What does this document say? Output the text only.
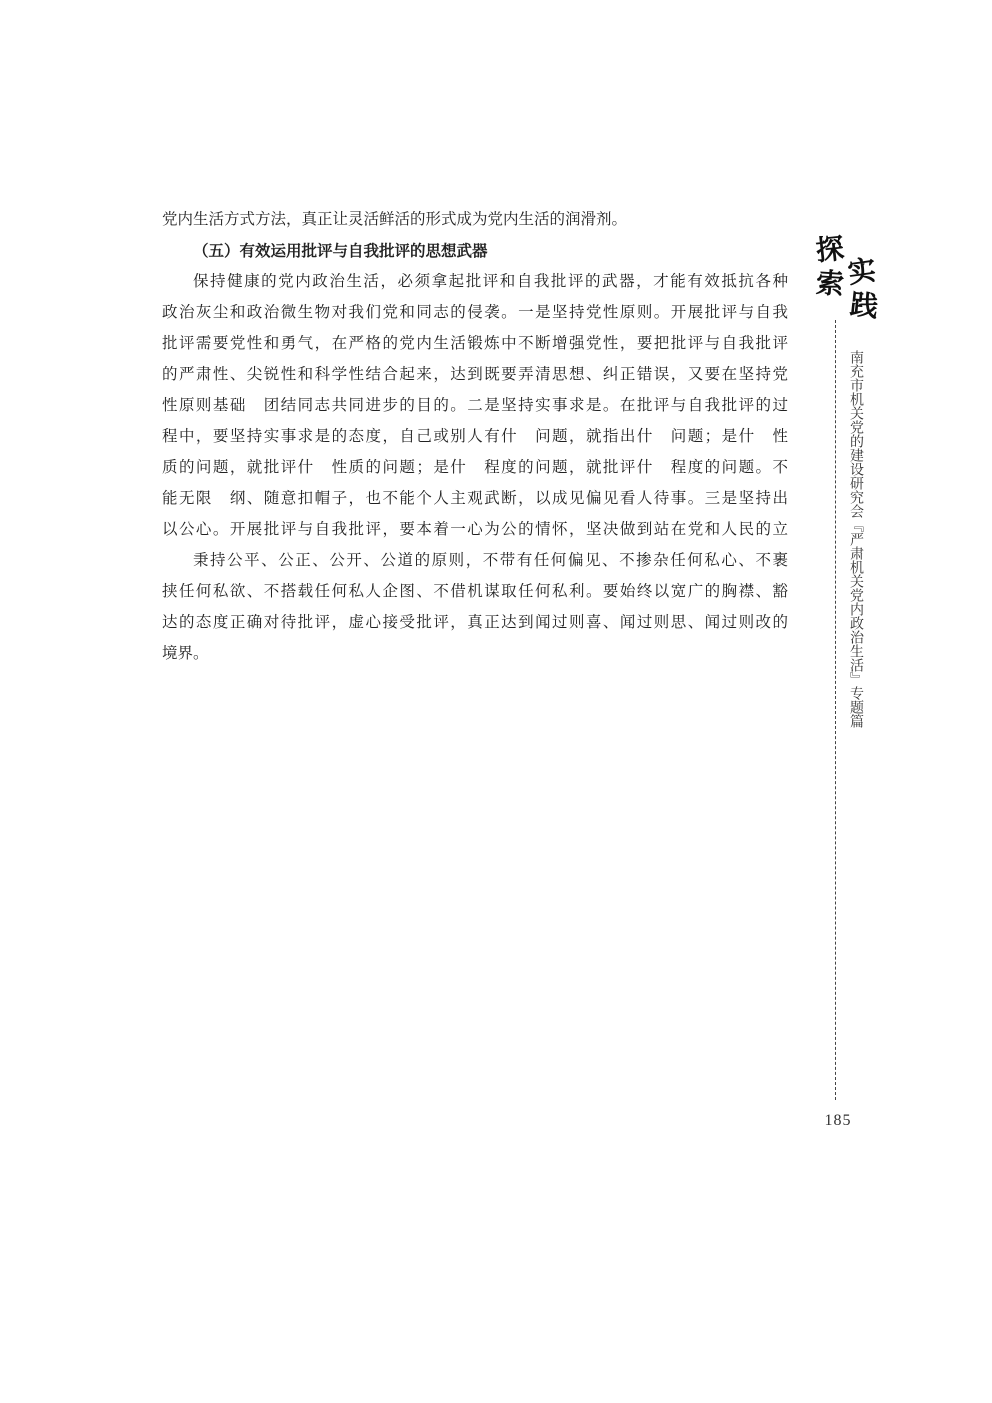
党内生活方式方法，真正让灵活鲜活的形式成为党内生活的润滑剂。
（五）有效运用批评与自我批评的思想武器
保持健康的党内政治生活，必须拿起批评和自我批评的武器，才能有效抵抗各种
政治灰尘和政治微生物对我们党和同志的侵袭。一是坚持党性原则。开展批评与自我
批评需要党性和勇气，在严格的党内生活锻炼中不断增强党性，要把批评与自我批评
的严肃性、尖锐性和科学性结合起来，达到既要弄清思想、纠正错误，又要在坚持党
性原则基础　团结同志共同进步的目的。二是坚持实事求是。在批评与自我批评的过
程中，要坚持实事求是的态度，自己或别人有什　问题，就指出什　问题；是什　性
质的问题，就批评什　性质的问题；是什　程度的问题，就批评什　程度的问题。不
能无限　纲、随意扣帽子，也不能个人主观武断，以成见偏见看人待事。三是坚持出
以公心。开展批评与自我批评，要本着一心为公的情怀，坚决做到站在党和人民的立
秉持公平、公正、公开、公道的原则，不带有任何偏见、不掺杂任何私心、不裹
挟任何私欲、不搭载任何私人企图、不借机谋取任何私利。要始终以宽广的胸襟、豁
达的态度正确对待批评，虚心接受批评，真正达到闻过则喜、闻过则思、闻过则改的
境界。
探
索 实
践
南充市机关党的建设研究会『严肃机关党内政治生活』专题篇
185
